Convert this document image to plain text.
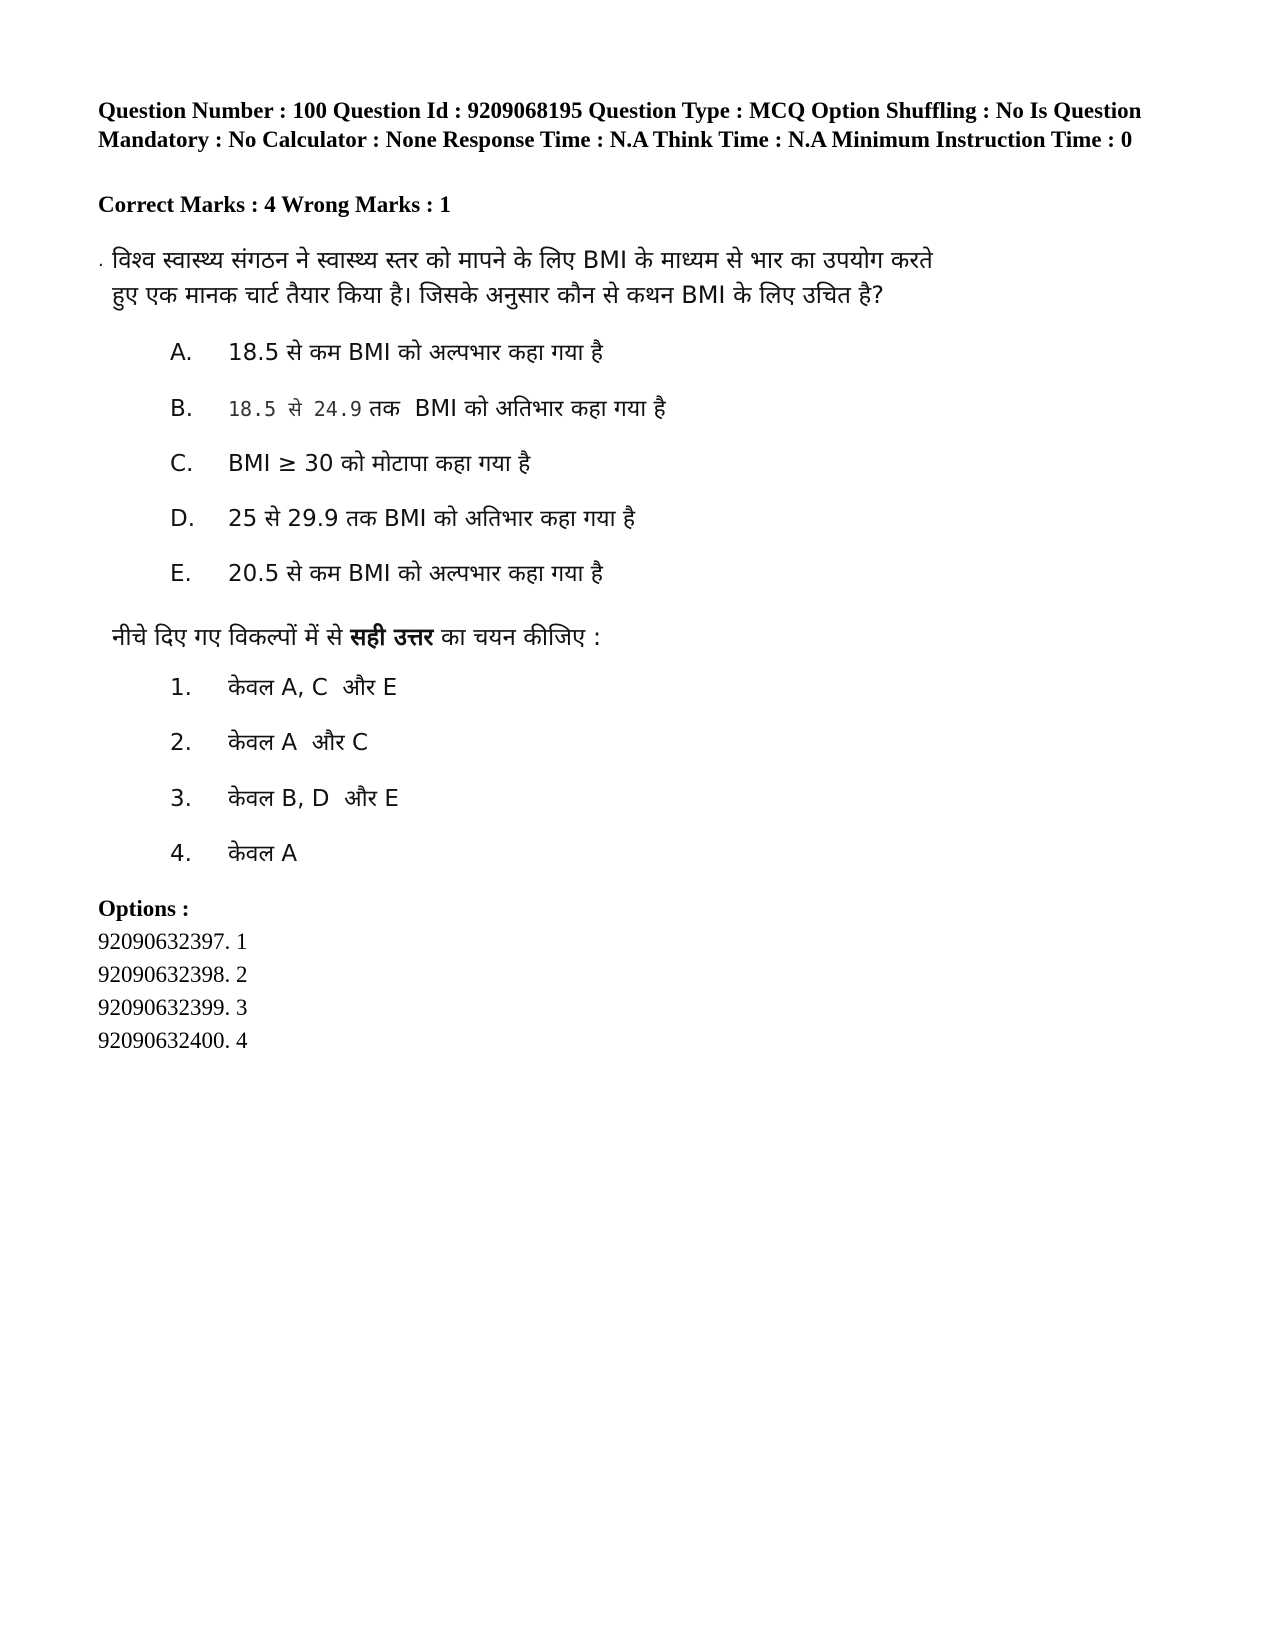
Question Number : 100 Question Id : 9209068195 Question Type : MCQ Option Shuffling : No Is Question Mandatory : No Calculator : None Response Time : N.A Think Time : N.A Minimum Instruction Time : 0
Correct Marks : 4 Wrong Marks : 1
. विश्व स्वास्थ्य संगठन ने स्वास्थ्य स्तर को मापने के लिए BMI के माध्यम से भार का उपयोग करते
हुए एक मानक चार्ट तैयार किया है। जिसके अनुसार कौन से कथन BMI के लिए उचित है?
A.	18.5 से कम BMI को अल्पभार कहा गया है
B.	18.5 से 24.9 तक  BMI को अतिभार कहा गया है
C.	BMI ≥ 30 को मोटापा कहा गया है
D.	25 से 29.9 तक BMI को अतिभार कहा गया है
E.	20.5 से कम BMI को अल्पभार कहा गया है
नीचे दिए गए विकल्पों में से सही उत्तर का चयन कीजिए :
1.	केवल A, C  और E
2.	केवल A  और C
3.	केवल B, D  और E
4.	केवल A
Options :
92090632397. 1
92090632398. 2
92090632399. 3
92090632400. 4
